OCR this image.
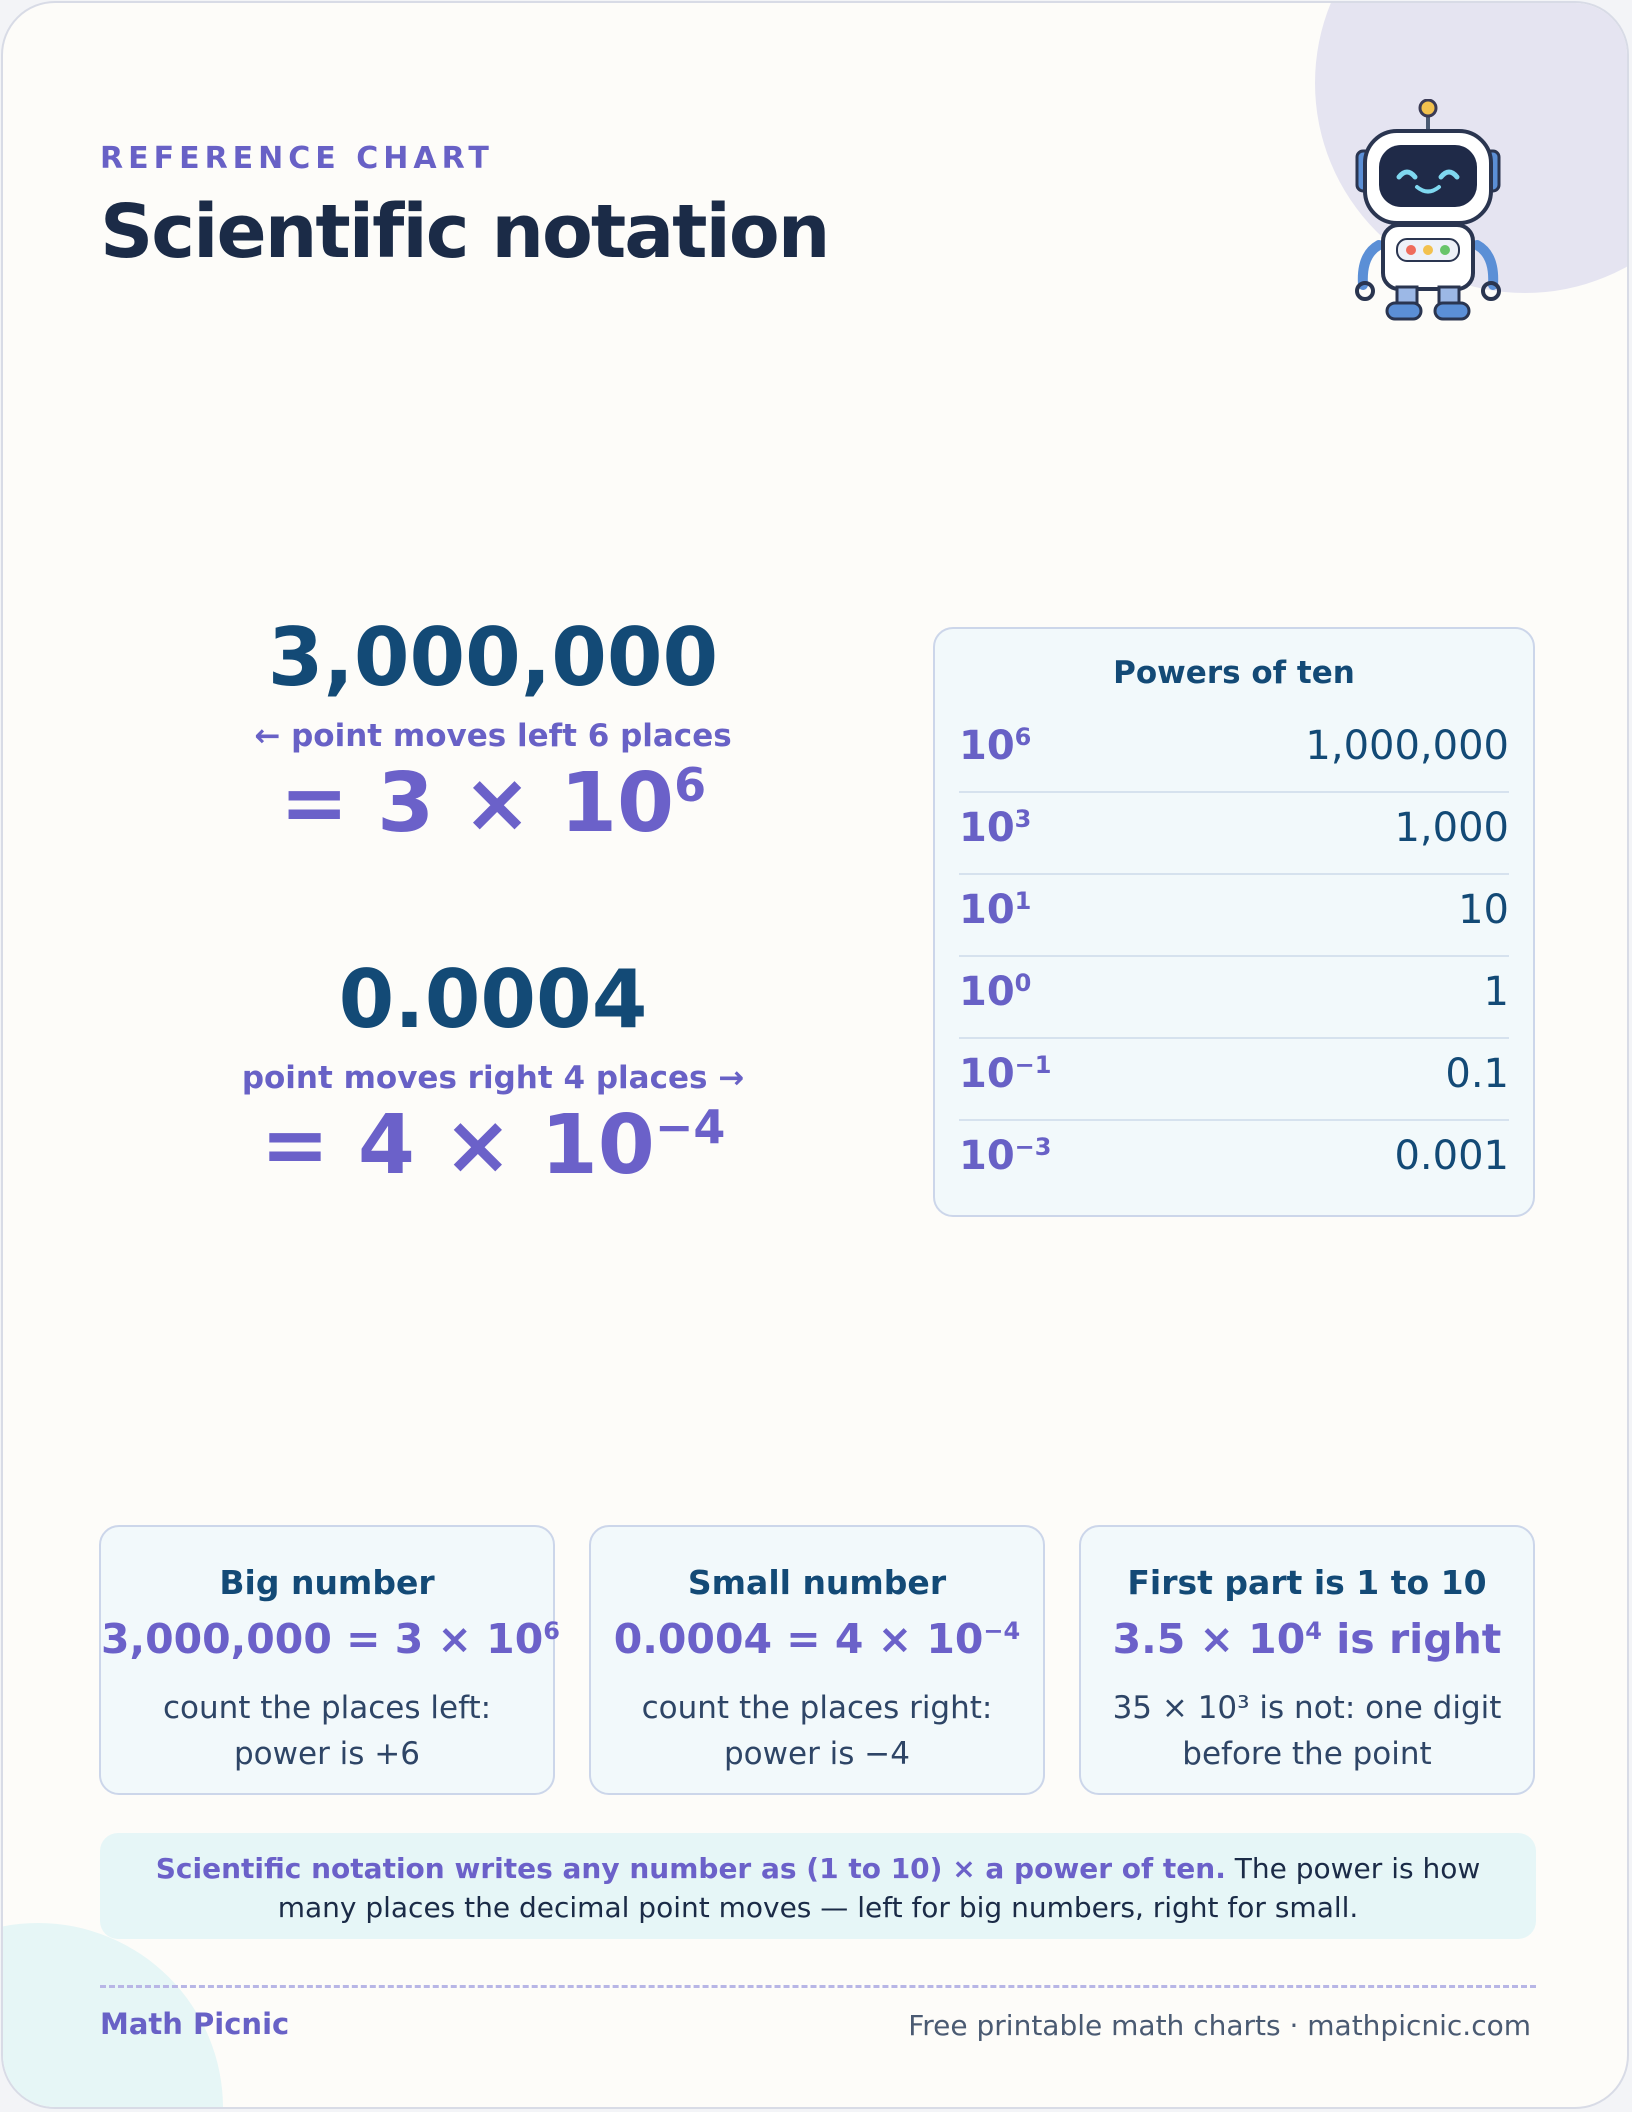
REFERENCE CHART
Scientific notation
3,000,000
← point moves left 6 places
= $3 \times 10^6$
0.0004
point moves right 4 places →
= $4 \times 10^{-4}$
Powers of ten
$10^6$	1,000,000
$10^3$	1,000
$10^1$	10
$10^0$	1
$10^{-1}$	0.1
$10^{-3}$	0.001
Big number
$3,000,000 = 3 \times 10^6$
count the places left: power is +6
Small number
$0.0004 = 4 \times 10^{-4}$
count the places right: power is −4
First part is 1 to 10
$3.5 \times 10^4$ is right
35 × 10³ is not: one digit before the point
Scientific notation writes any number as (1 to 10) × a power of ten. The power is how many places the decimal point moves — left for big numbers, right for small.
Math Picnic	Free printable math charts · mathpicnic.com
